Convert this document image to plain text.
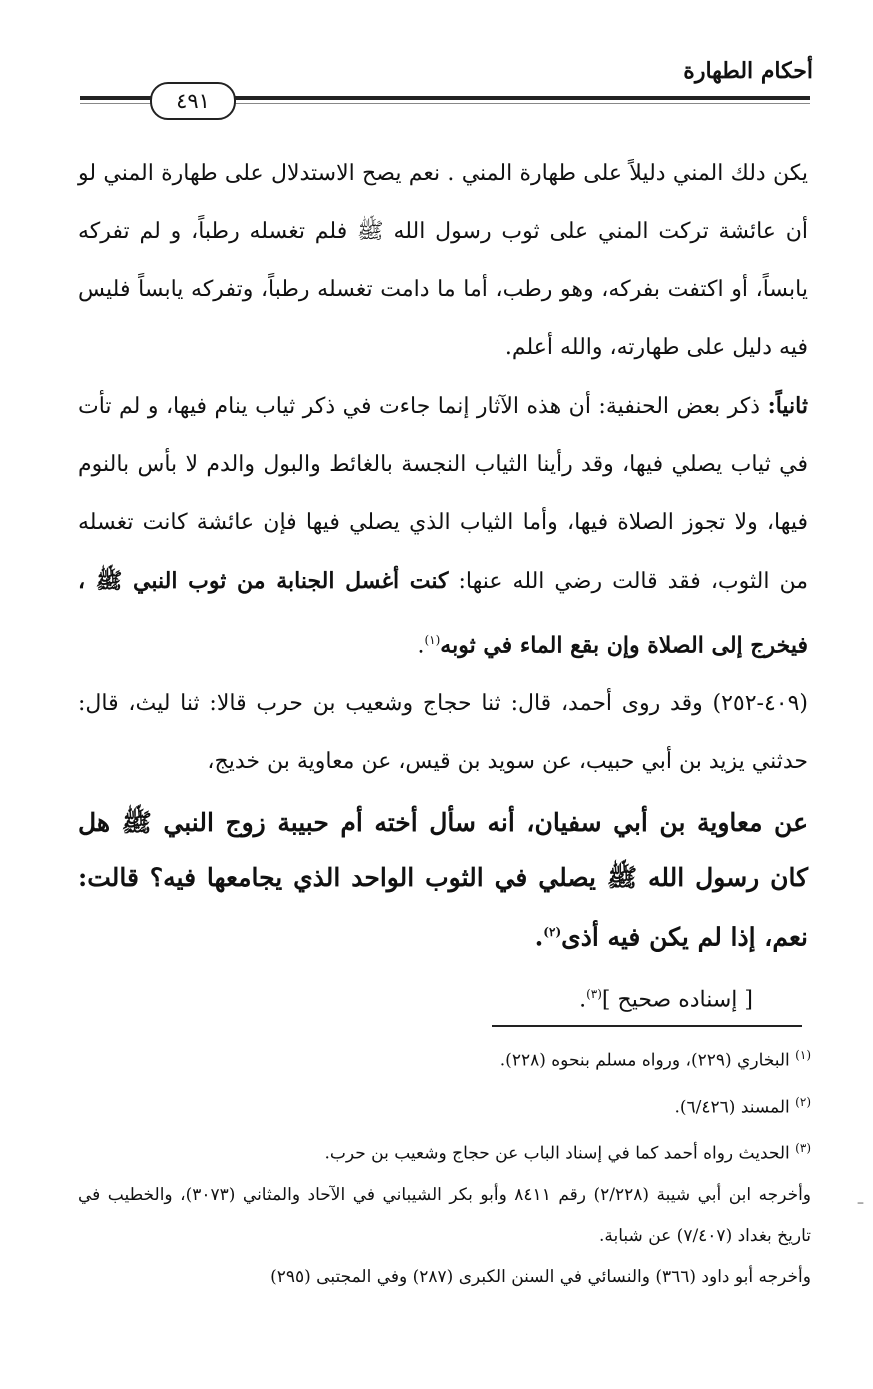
أحكام الطهارة
٤٩١

يكن دلك المني دليلاً على طهارة المني . نعم يصح الاستدلال على طهارة المني لو أن عائشة تركت المني على ثوب رسول الله ﷺ فلم تغسله رطباً، و لم تفركه يابساً، أو اكتفت بفركه، وهو رطب، أما ما دامت تغسله رطباً، وتفركه يابساً فليس فيه دليل على طهارته، والله أعلم.

ثانياً: ذكر بعض الحنفية: أن هذه الآثار إنما جاءت في ذكر ثياب ينام فيها، و لم تأت في ثياب يصلي فيها، وقد رأينا الثياب النجسة بالغائط والبول والدم لا بأس بالنوم فيها، ولا تجوز الصلاة فيها، وأما الثياب الذي يصلي فيها فإن عائشة كانت تغسله من الثوب، فقد قالت رضي الله عنها: كنت أغسل الجنابة من ثوب النبي ﷺ ، فيخرج إلى الصلاة وإن بقع الماء في ثوبه$^{(١)}$.

(٤٠٩-٢٥٢) وقد روى أحمد، قال: ثنا حجاج وشعيب بن حرب قالا: ثنا ليث، قال: حدثني يزيد بن أبي حبيب، عن سويد بن قيس، عن معاوية بن خديج،

عن معاوية بن أبي سفيان، أنه سأل أخته أم حبيبة زوج النبي ﷺ هل كان رسول الله ﷺ يصلي في الثوب الواحد الذي يجامعها فيه؟ قالت: نعم، إذا لم يكن فيه أذى$^{(٢)}$.

[ إسناده صحيح ]$^{(٣)}$.

$^{(١)}$ البخاري (٢٢٩)، ورواه مسلم بنحوه (٢٢٨).

$^{(٢)}$ المسند (٦/٤٢٦).

$^{(٣)}$ الحديث رواه أحمد كما في إسناد الباب عن حجاج وشعيب بن حرب.

وأخرجه ابن أبي شيبة (٢/٢٢٨) رقم ٨٤١١ وأبو بكر الشيباني في الآحاد والمثاني (٣٠٧٣)، والخطيب في تاريخ بغداد (٧/٤٠٧) عن شبابة.

وأخرجه أبو داود (٣٦٦) والنسائي في السنن الكبرى (٢٨٧) وفي المجتبى (٢٩٥)

–
